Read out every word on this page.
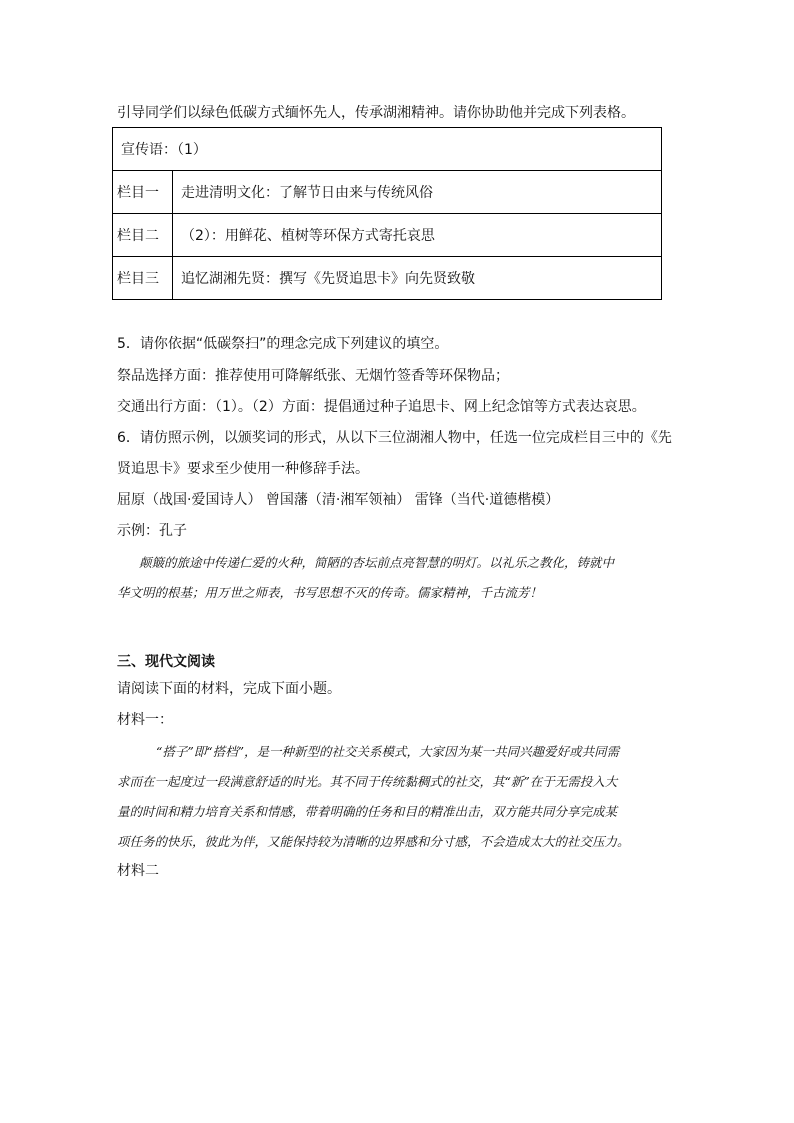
引导同学们以绿色低碳方式缅怀先人，传承湖湘精神。请你协助他并完成下列表格。
宣传语：（1）	
栏目一	走进清明文化：了解节日由来与传统风俗
栏目二	（2）：用鲜花、植树等环保方式寄托哀思
栏目三	追忆湖湘先贤：撰写《先贤追思卡》向先贤致敬
5．请你依据“低碳祭扫”的理念完成下列建议的填空。
祭品选择方面：推荐使用可降解纸张、无烟竹签香等环保物品；
交通出行方面：（1）。（2）方面：提倡通过种子追思卡、网上纪念馆等方式表达哀思。
6．请仿照示例，以颁奖词的形式，从以下三位湖湘人物中，任选一位完成栏目三中的《先
贤追思卡》要求至少使用一种修辞手法。
屈原（战国·爱国诗人） 曾国藩（清·湘军领袖） 雷锋（当代·道德楷模）
示例：孔子
颠簸的旅途中传递仁爱的火种，简陋的杏坛前点亮智慧的明灯。以礼乐之教化，铸就中
华文明的根基；用万世之师表，书写思想不灭的传奇。儒家精神，千古流芳！
三、现代文阅读
请阅读下面的材料，完成下面小题。
材料一：
“搭子”即“搭档”，是一种新型的社交关系模式，大家因为某一共同兴趣爱好或共同需
求而在一起度过一段满意舒适的时光。其不同于传统黏稠式的社交，其“新”在于无需投入大
量的时间和精力培育关系和情感，带着明确的任务和目的精准出击，双方能共同分享完成某
项任务的快乐，彼此为伴，又能保持较为清晰的边界感和分寸感，不会造成太大的社交压力。
材料二
